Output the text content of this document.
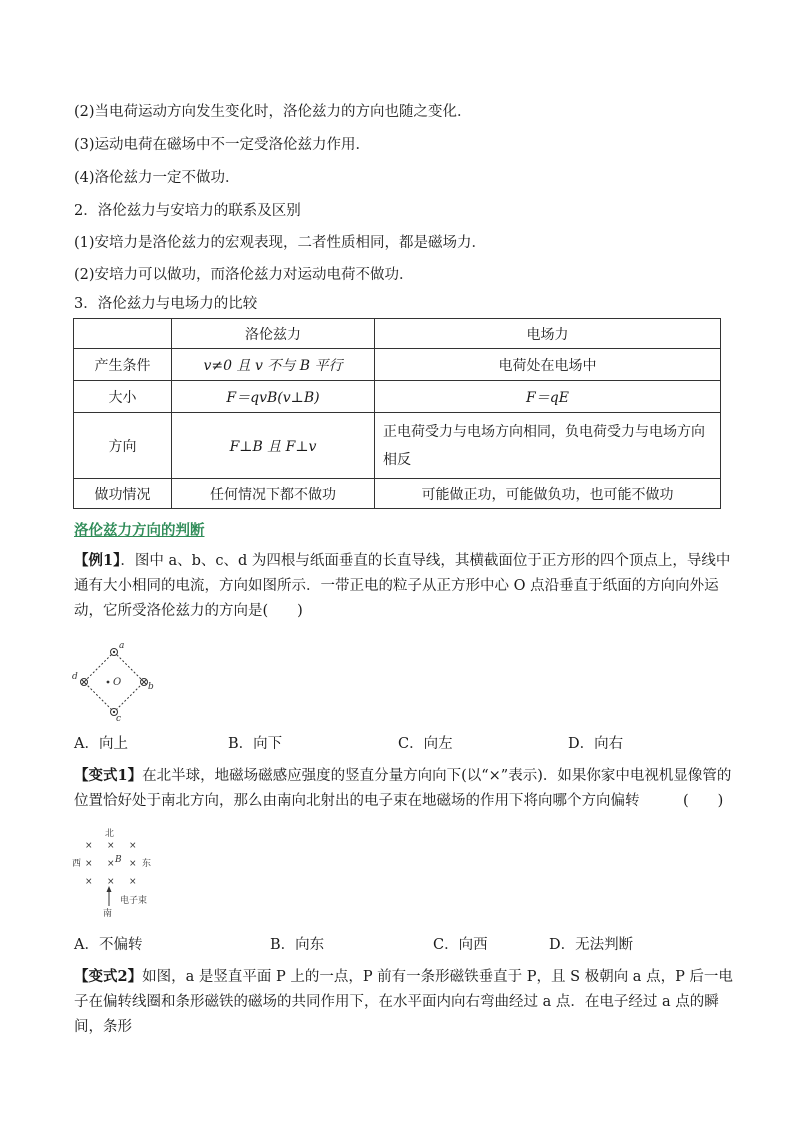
(2)当电荷运动方向发生变化时，洛伦兹力的方向也随之变化．
(3)运动电荷在磁场中不一定受洛伦兹力作用．
(4)洛伦兹力一定不做功．
2．洛伦兹力与安培力的联系及区别
(1)安培力是洛伦兹力的宏观表现，二者性质相同，都是磁场力．
(2)安培力可以做功，而洛伦兹力对运动电荷不做功．
3．洛伦兹力与电场力的比较
	洛伦兹力	电场力
产生条件	v≠0 且 v 不与 B 平行	电荷处在电场中
大小	F＝qvB(v⊥B)	F＝qE
方向	F⊥B 且 F⊥v	正电荷受力与电场方向相同，负电荷受力与电场方向相反
做功情况	任何情况下都不做功	可能做正功，可能做负功，也可能不做功
洛伦兹力方向的判断
【例1】．图中 a、b、c、d 为四根与纸面垂直的长直导线，其横截面位于正方形的四个顶点上，导线中通有大小相同的电流，方向如图所示．一带正电的粒子从正方形中心 O 点沿垂直于纸面的方向向外运动，它所受洛伦兹力的方向是(　　)
a
b
c
d	O
A．向上	B．向下	C．向左	D．向右
【变式1】在北半球，地磁场磁感应强度的竖直分量方向向下(以“×”表示)．如果你家中电视机显像管的位置恰好处于南北方向，那么由南向北射出的电子束在地磁场的作用下将向哪个方向偏转　　　(　　)
北
西	东
南
B
电子束
× × ×
× × ×
× × ×
A．不偏转	B．向东	C．向西	D．无法判断
【变式2】如图，a 是竖直平面 P 上的一点，P 前有一条形磁铁垂直于 P，且 S 极朝向 a 点，P 后一电子在偏转线圈和条形磁铁的磁场的共同作用下，在水平面内向右弯曲经过 a 点．在电子经过 a 点的瞬间，条形
